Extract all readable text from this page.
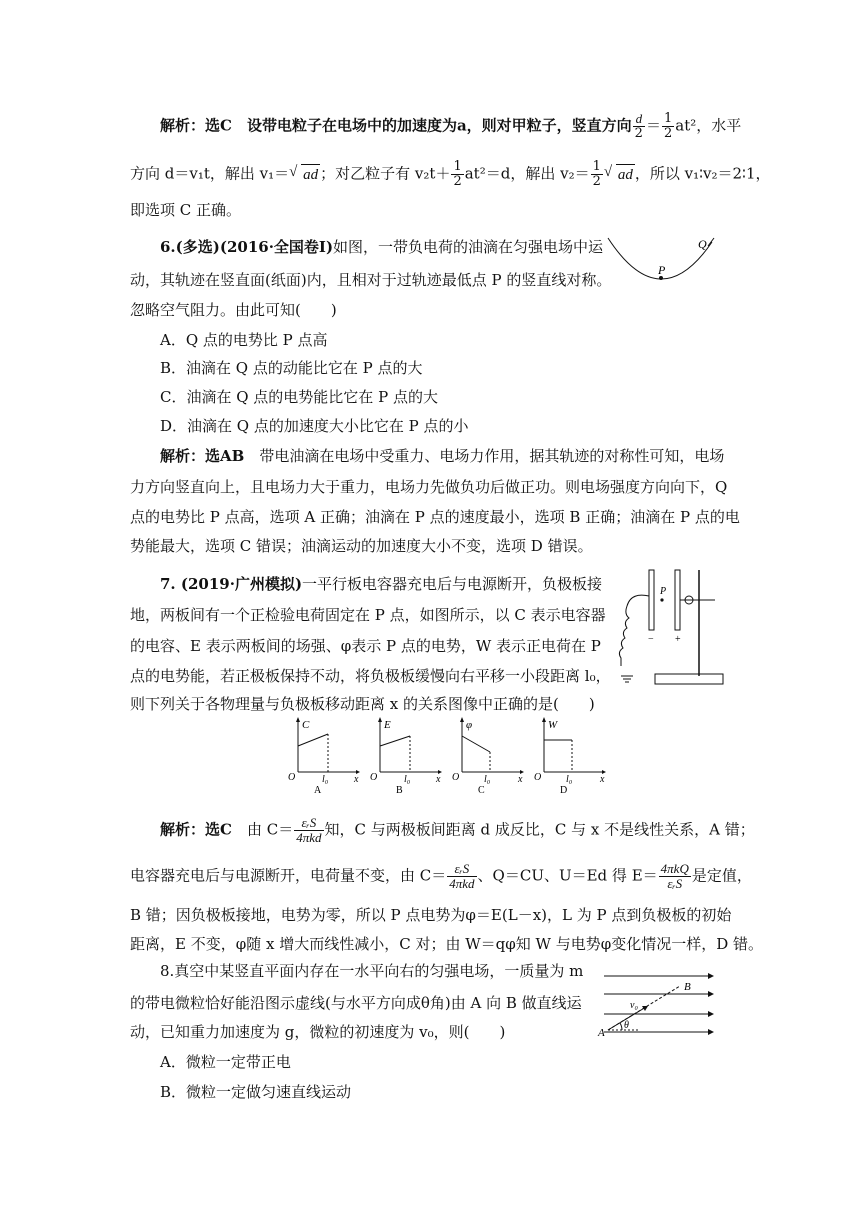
解析：选C　设带电粒子在电场中的加速度为a，则对甲粒子，竖直方向 $\frac{d}{2} = \frac{1}{2} at^2$，水平
方向 d＝v₁t，解出 v₁＝ √ ad ；对乙粒子有 $v_2t+ \frac{1}{2} at^2=d$，解出 $v_2= \frac{1}{2}$ √ ad ，所以 v₁∶v₂＝2∶1，
即选项 C 正确。
6.(多选)(2016·全国卷Ⅰ)如图，一带负电荷的油滴在匀强电场中运
动，其轨迹在竖直面(纸面)内，且相对于过轨迹最低点 P 的竖直线对称。
忽略空气阻力。由此可知(　　)
A．Q 点的电势比 P 点高
B．油滴在 Q 点的动能比它在 P 点的大
C．油滴在 Q 点的电势能比它在 P 点的大
D．油滴在 Q 点的加速度大小比它在 P 点的小
P
Q
解析：选AB　带电油滴在电场中受重力、电场力作用，据其轨迹的对称性可知，电场
力方向竖直向上，且电场力大于重力，电场力先做负功后做正功。则电场强度方向向下，Q
点的电势比 P 点高，选项 A 正确；油滴在 P 点的速度最小，选项 B 正确；油滴在 P 点的电
势能最大，选项 C 错误；油滴运动的加速度大小不变，选项 D 错误。
7. (2019·广州模拟)一平行板电容器充电后与电源断开，负极板接
地，两板间有一个正检验电荷固定在 P 点，如图所示，以 C 表示电容器
的电容、E 表示两板间的场强、φ表示 P 点的电势，W 表示正电荷在 P
点的电势能，若正极板保持不动，将负极板缓慢向右平移一小段距离 l₀，
则下列关于各物理量与负极板移动距离 x 的关系图像中正确的是(　　)
P
− +
C
O	l₀	x
A
E
O	l₀	x
B
φ
O l₀	x
C
W
O l₀	x
D
解析：选C　由 $C= \frac{\text{εᵣS}}{\text{4πkd}}$ 知，C 与两极板间距离 d 成反比，C 与 x 不是线性关系，A 错；
电容器充电后与电源断开，电荷量不变，由 $C= \frac{\text{εᵣS}}{\text{4πkd}}$ 、Q＝CU、U＝Ed 得 $E= \frac{\text{4πkQ}}{\text{εᵣS}}$ 是定值，
B 错；因负极板接地，电势为零，所以 P 点电势为φ＝E(L－x)，L 为 P 点到负极板的初始
距离，E 不变，φ随 x 增大而线性减小，C 对；由 W＝qφ知 W 与电势φ变化情况一样，D 错。
8.真空中某竖直平面内存在一水平向右的匀强电场，一质量为 m
的带电微粒恰好能沿图示虚线(与水平方向成θ角)由 A 向 B 做直线运
动，已知重力加速度为 g，微粒的初速度为 v₀，则(　　)
A．微粒一定带正电
B．微粒一定做匀速直线运动
A
B
v₀
θ
